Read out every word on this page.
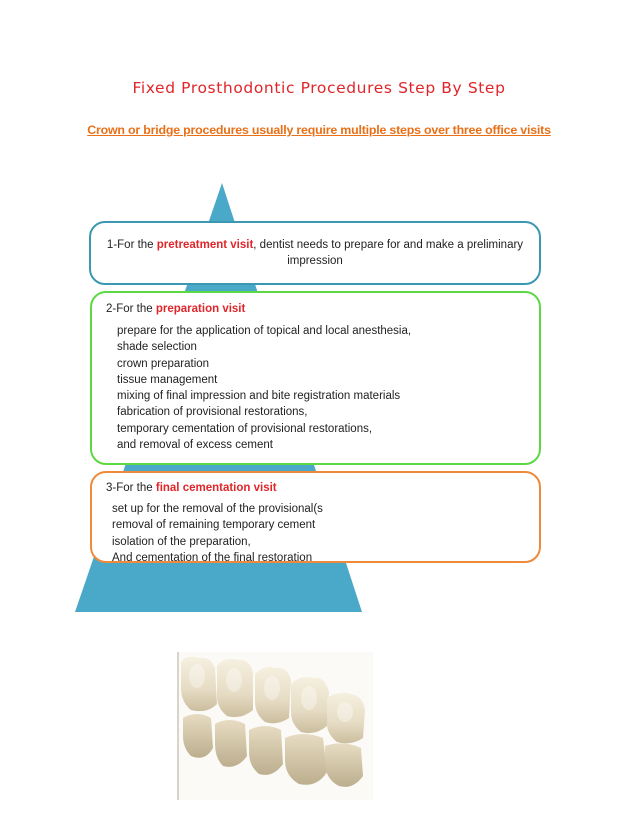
Fixed Prosthodontic Procedures Step By Step
Crown or bridge procedures usually require multiple steps over three office visits
1-For the pretreatment visit, dentist needs to prepare for and make a preliminary impression
2-For the preparation visit
prepare for the application of topical and local anesthesia,
shade selection
crown preparation
tissue management
mixing of final impression and bite registration materials
fabrication of provisional restorations,
temporary cementation of provisional restorations,
and removal of excess cement
3-For the final cementation visit
set up for the removal of the provisional(s
removal of remaining temporary cement
isolation of the preparation,
And cementation of the final restoration
